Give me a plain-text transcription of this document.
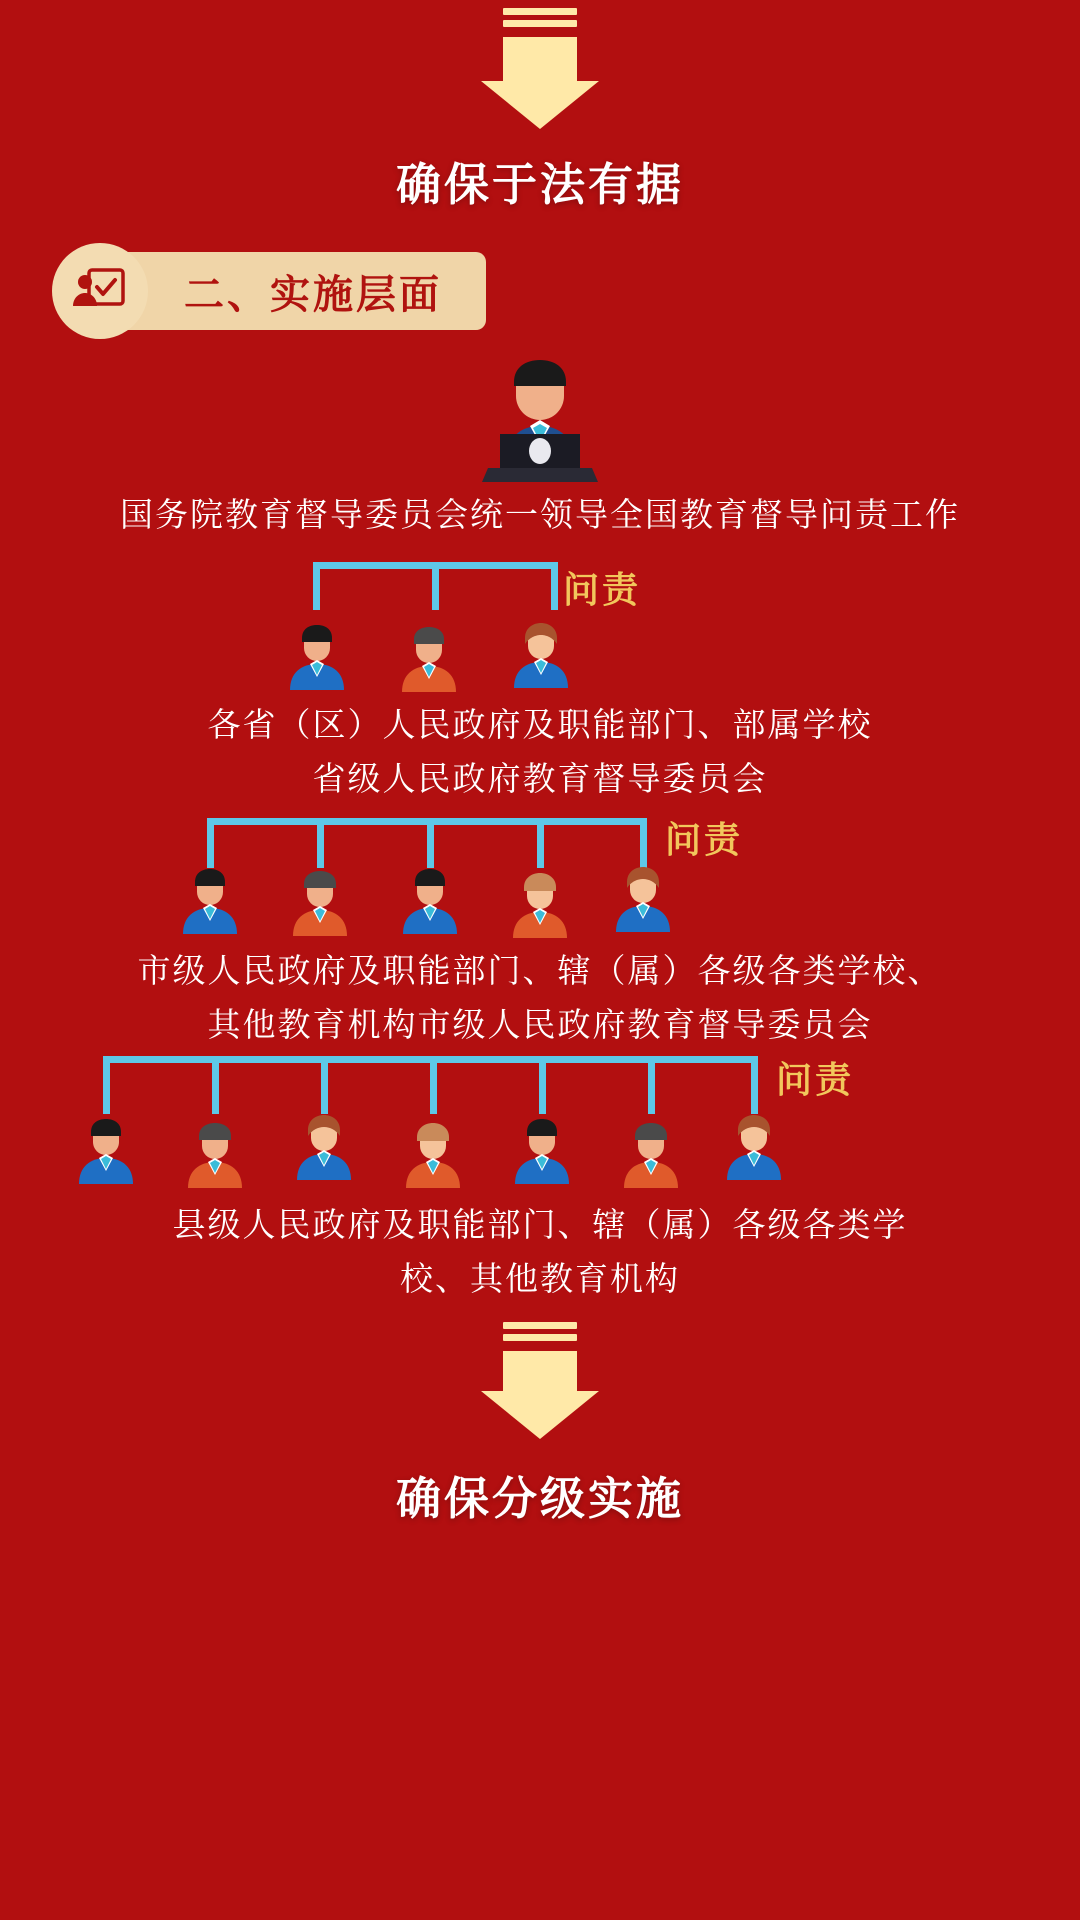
确保于法有据
二、实施层面
国务院教育督导委员会统一领导全国教育督导问责工作
问责
各省（区）人民政府及职能部门、部属学校
省级人民政府教育督导委员会
问责
市级人民政府及职能部门、辖（属）各级各类学校、
其他教育机构市级人民政府教育督导委员会
问责
县级人民政府及职能部门、辖（属）各级各类学
校、其他教育机构
确保分级实施
